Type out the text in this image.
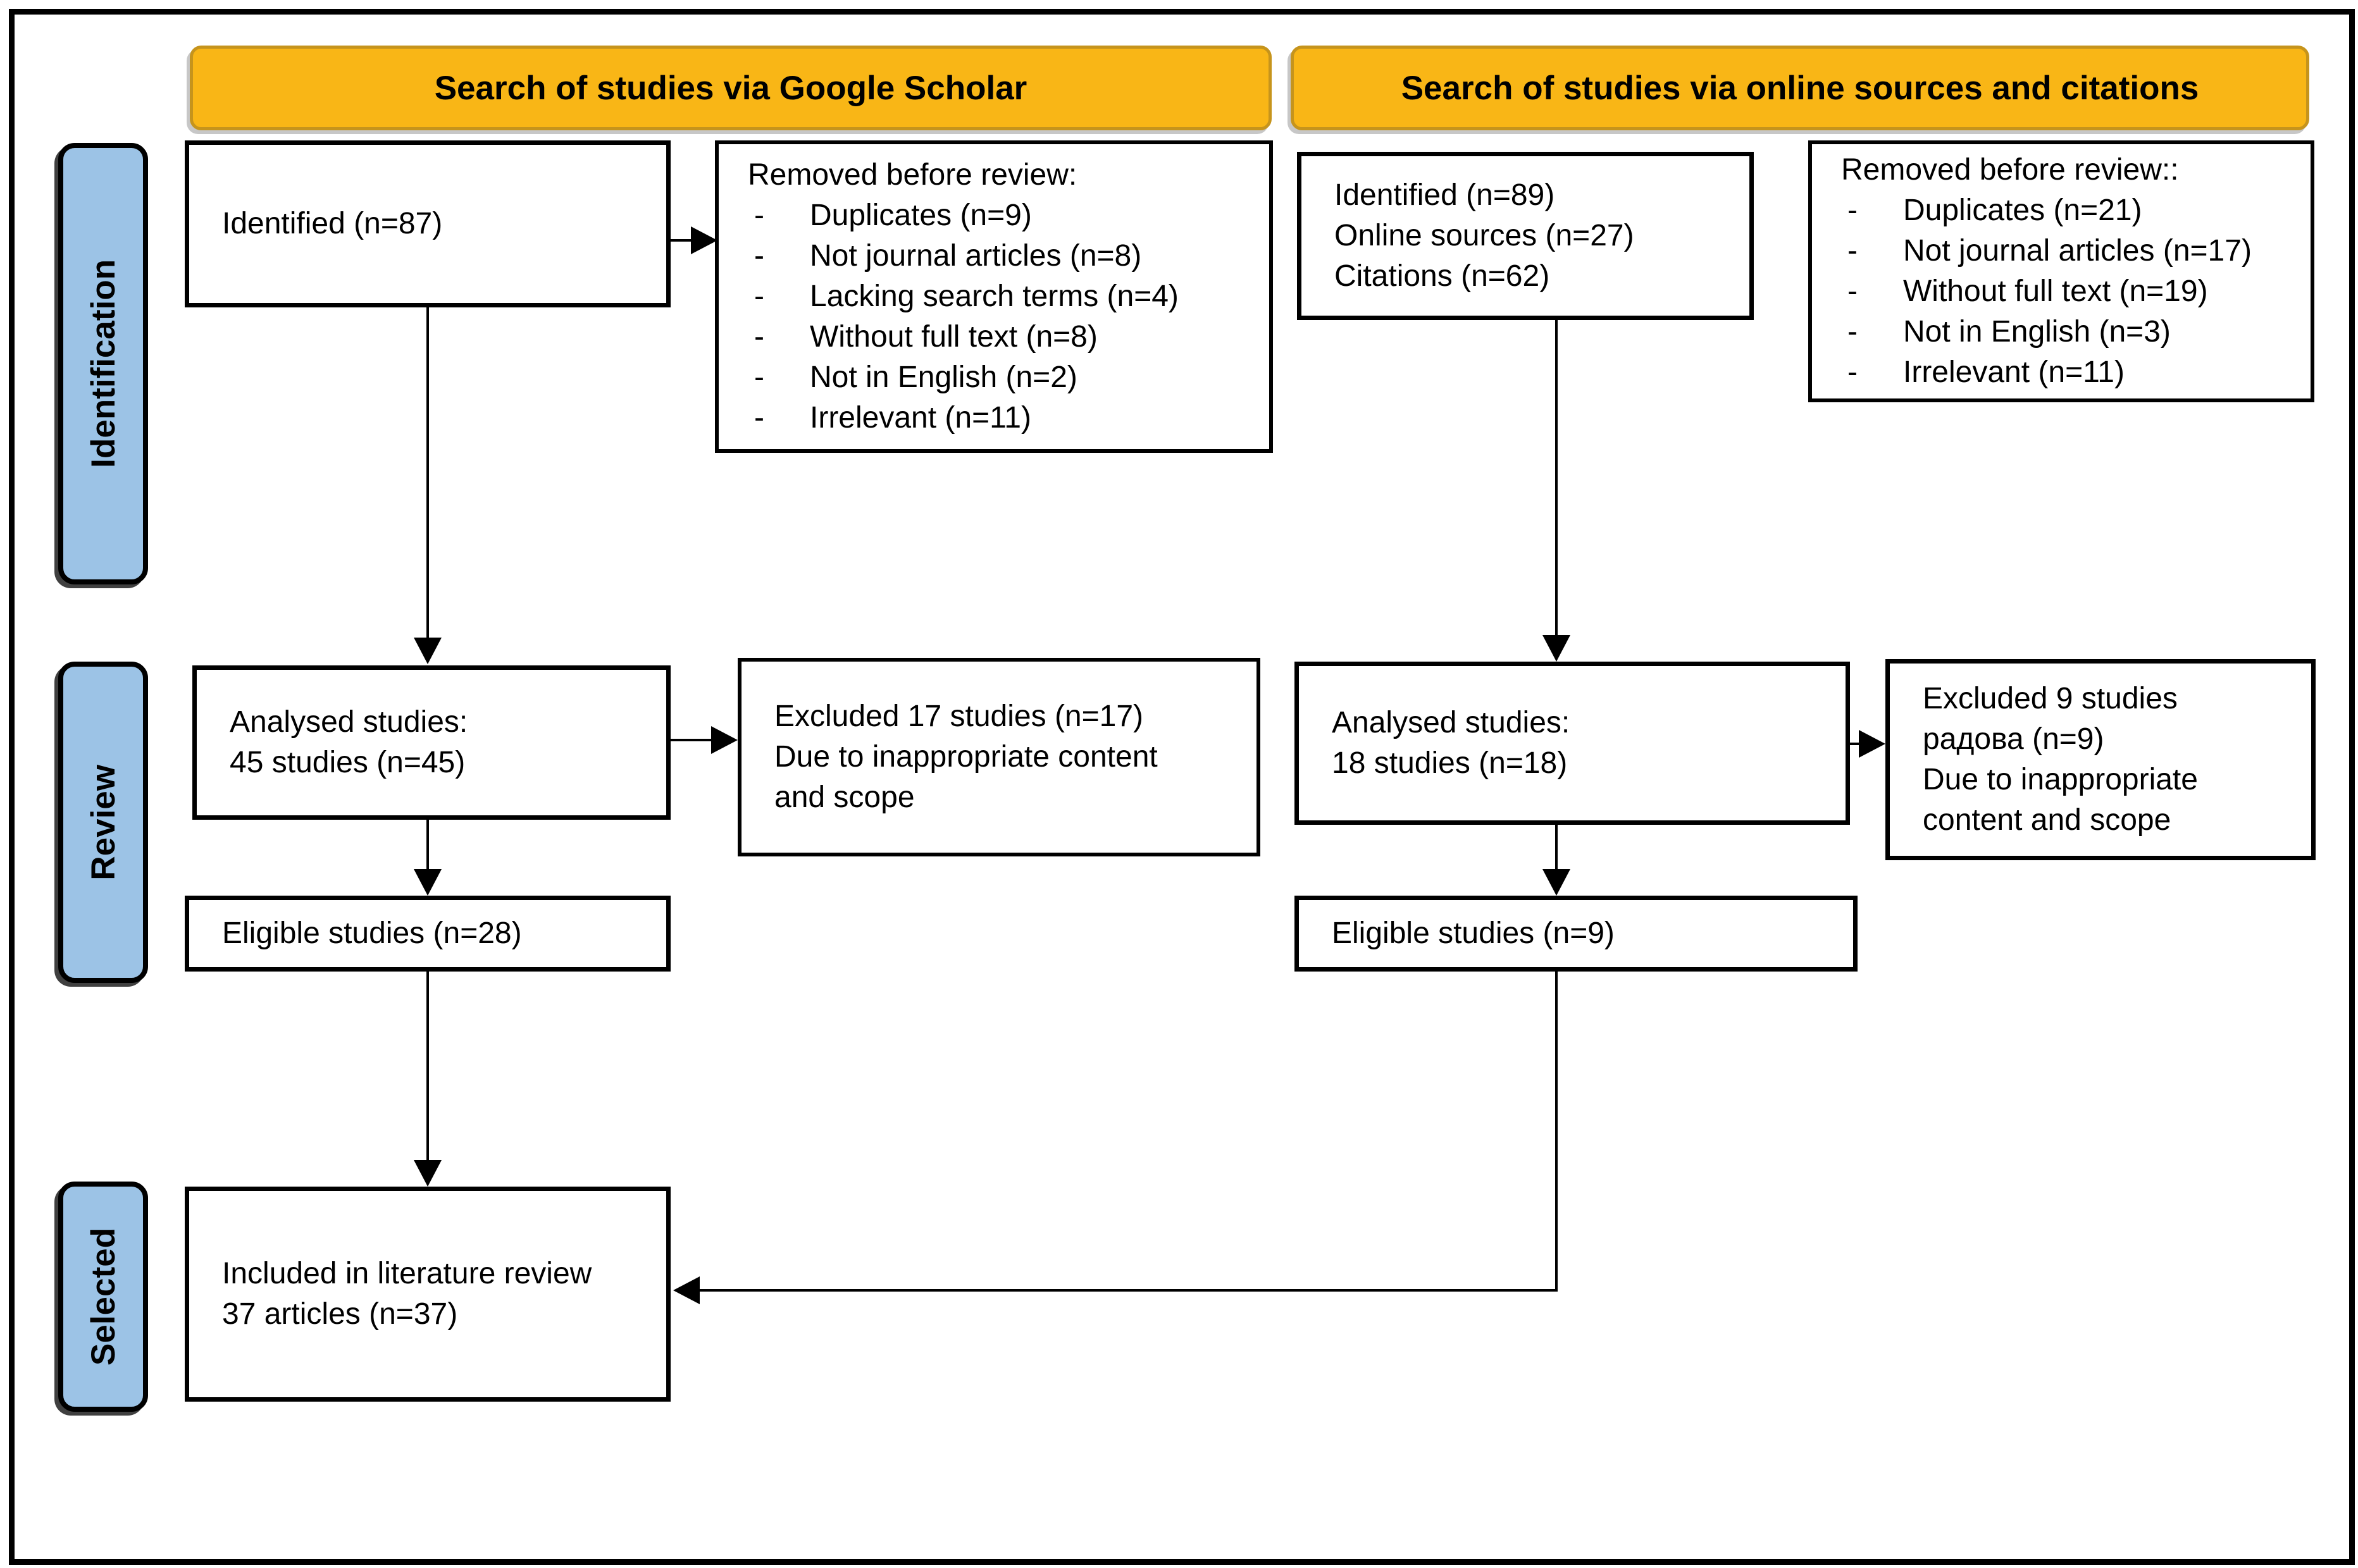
Search of studies via Google Scholar	Search of studies via online sources and citations
Identification
Review
Selected
Identified (n=87)
Removed before review:
-	Duplicates (n=9)
-	Not journal articles (n=8)
-	Lacking search terms (n=4)
-	Without full text (n=8)
-	Not in English (n=2)
-	Irrelevant (n=11)
Analysed studies:
45 studies (n=45)
Excluded 17 studies (n=17)
Due to inappropriate content
and scope
Eligible studies (n=28)
Included in literature review
37 articles (n=37)
Identified (n=89)
Online sources (n=27)
Citations (n=62)
Removed before review::
-	Duplicates (n=21)
-	Not journal articles (n=17)
-	Without full text (n=19)
-	Not in English (n=3)
-	Irrelevant (n=11)
Analysed studies:
18 studies (n=18)
Excluded 9 studies
радова (n=9)
Due to inappropriate
content and scope
Eligible studies (n=9)
